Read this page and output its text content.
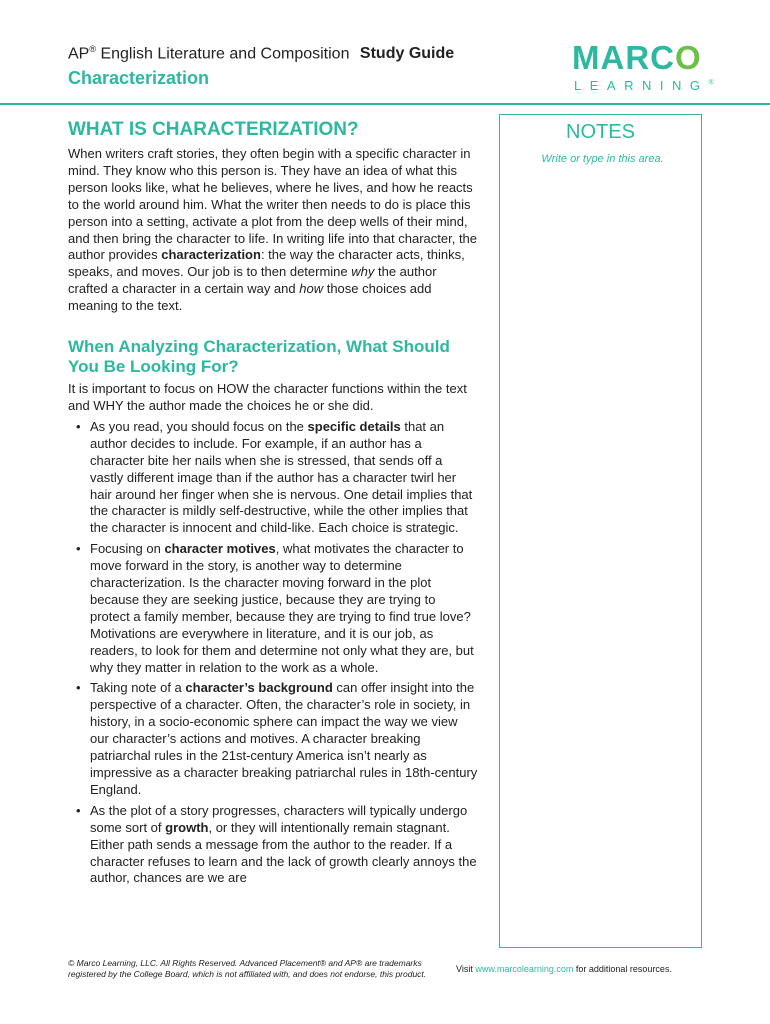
AP® English Literature and Composition Study Guide
Characterization
MARCO
LEARNING®
WHAT IS CHARACTERIZATION?

When writers craft stories, they often begin with a specific character in mind. They know who this person is. They have an idea of what this person looks like, what he believes, where he lives, and how he reacts to the world around him. What the writer then needs to do is place this person into a setting, activate a plot from the deep wells of their mind, and then bring the character to life. In writing life into that character, the author provides characterization: the way the character acts, thinks, speaks, and moves. Our job is to then determine why the author crafted a character in a certain way and how those choices add meaning to the text.

When Analyzing Characterization, What Should You Be Looking For?

It is important to focus on HOW the character functions within the text and WHY the author made the choices he or she did.

• As you read, you should focus on the specific details that an author decides to include. For example, if an author has a character bite her nails when she is stressed, that sends off a vastly different image than if the author has a character twirl her hair around her finger when she is nervous. One detail implies that the character is mildly self-destructive, while the other implies that the character is innocent and child-like. Each choice is strategic.
• Focusing on character motives, what motivates the character to move forward in the story, is another way to determine characterization. Is the character moving forward in the plot because they are seeking justice, because they are trying to protect a family member, because they are trying to find true love? Motivations are everywhere in literature, and it is our job, as readers, to look for them and determine not only what they are, but why they matter in relation to the work as a whole.
• Taking note of a character’s background can offer insight into the perspective of a character. Often, the character’s role in society, in history, in a socio-economic sphere can impact the way we view our character’s actions and motives. A character breaking patriarchal rules in the 21st-century America isn’t nearly as impressive as a character breaking patriarchal rules in 18th-century England.
• As the plot of a story progresses, characters will typically undergo some sort of growth, or they will intentionally remain stagnant. Either path sends a message from the author to the reader. If a character refuses to learn and the lack of growth clearly annoys the author, chances are we are
NOTES
Write or type in this area.
© Marco Learning, LLC. All Rights Reserved. Advanced Placement® and AP® are trademarks registered by the College Board, which is not affiliated with, and does not endorse, this product.	Visit www.marcolearning.com for additional resources.
